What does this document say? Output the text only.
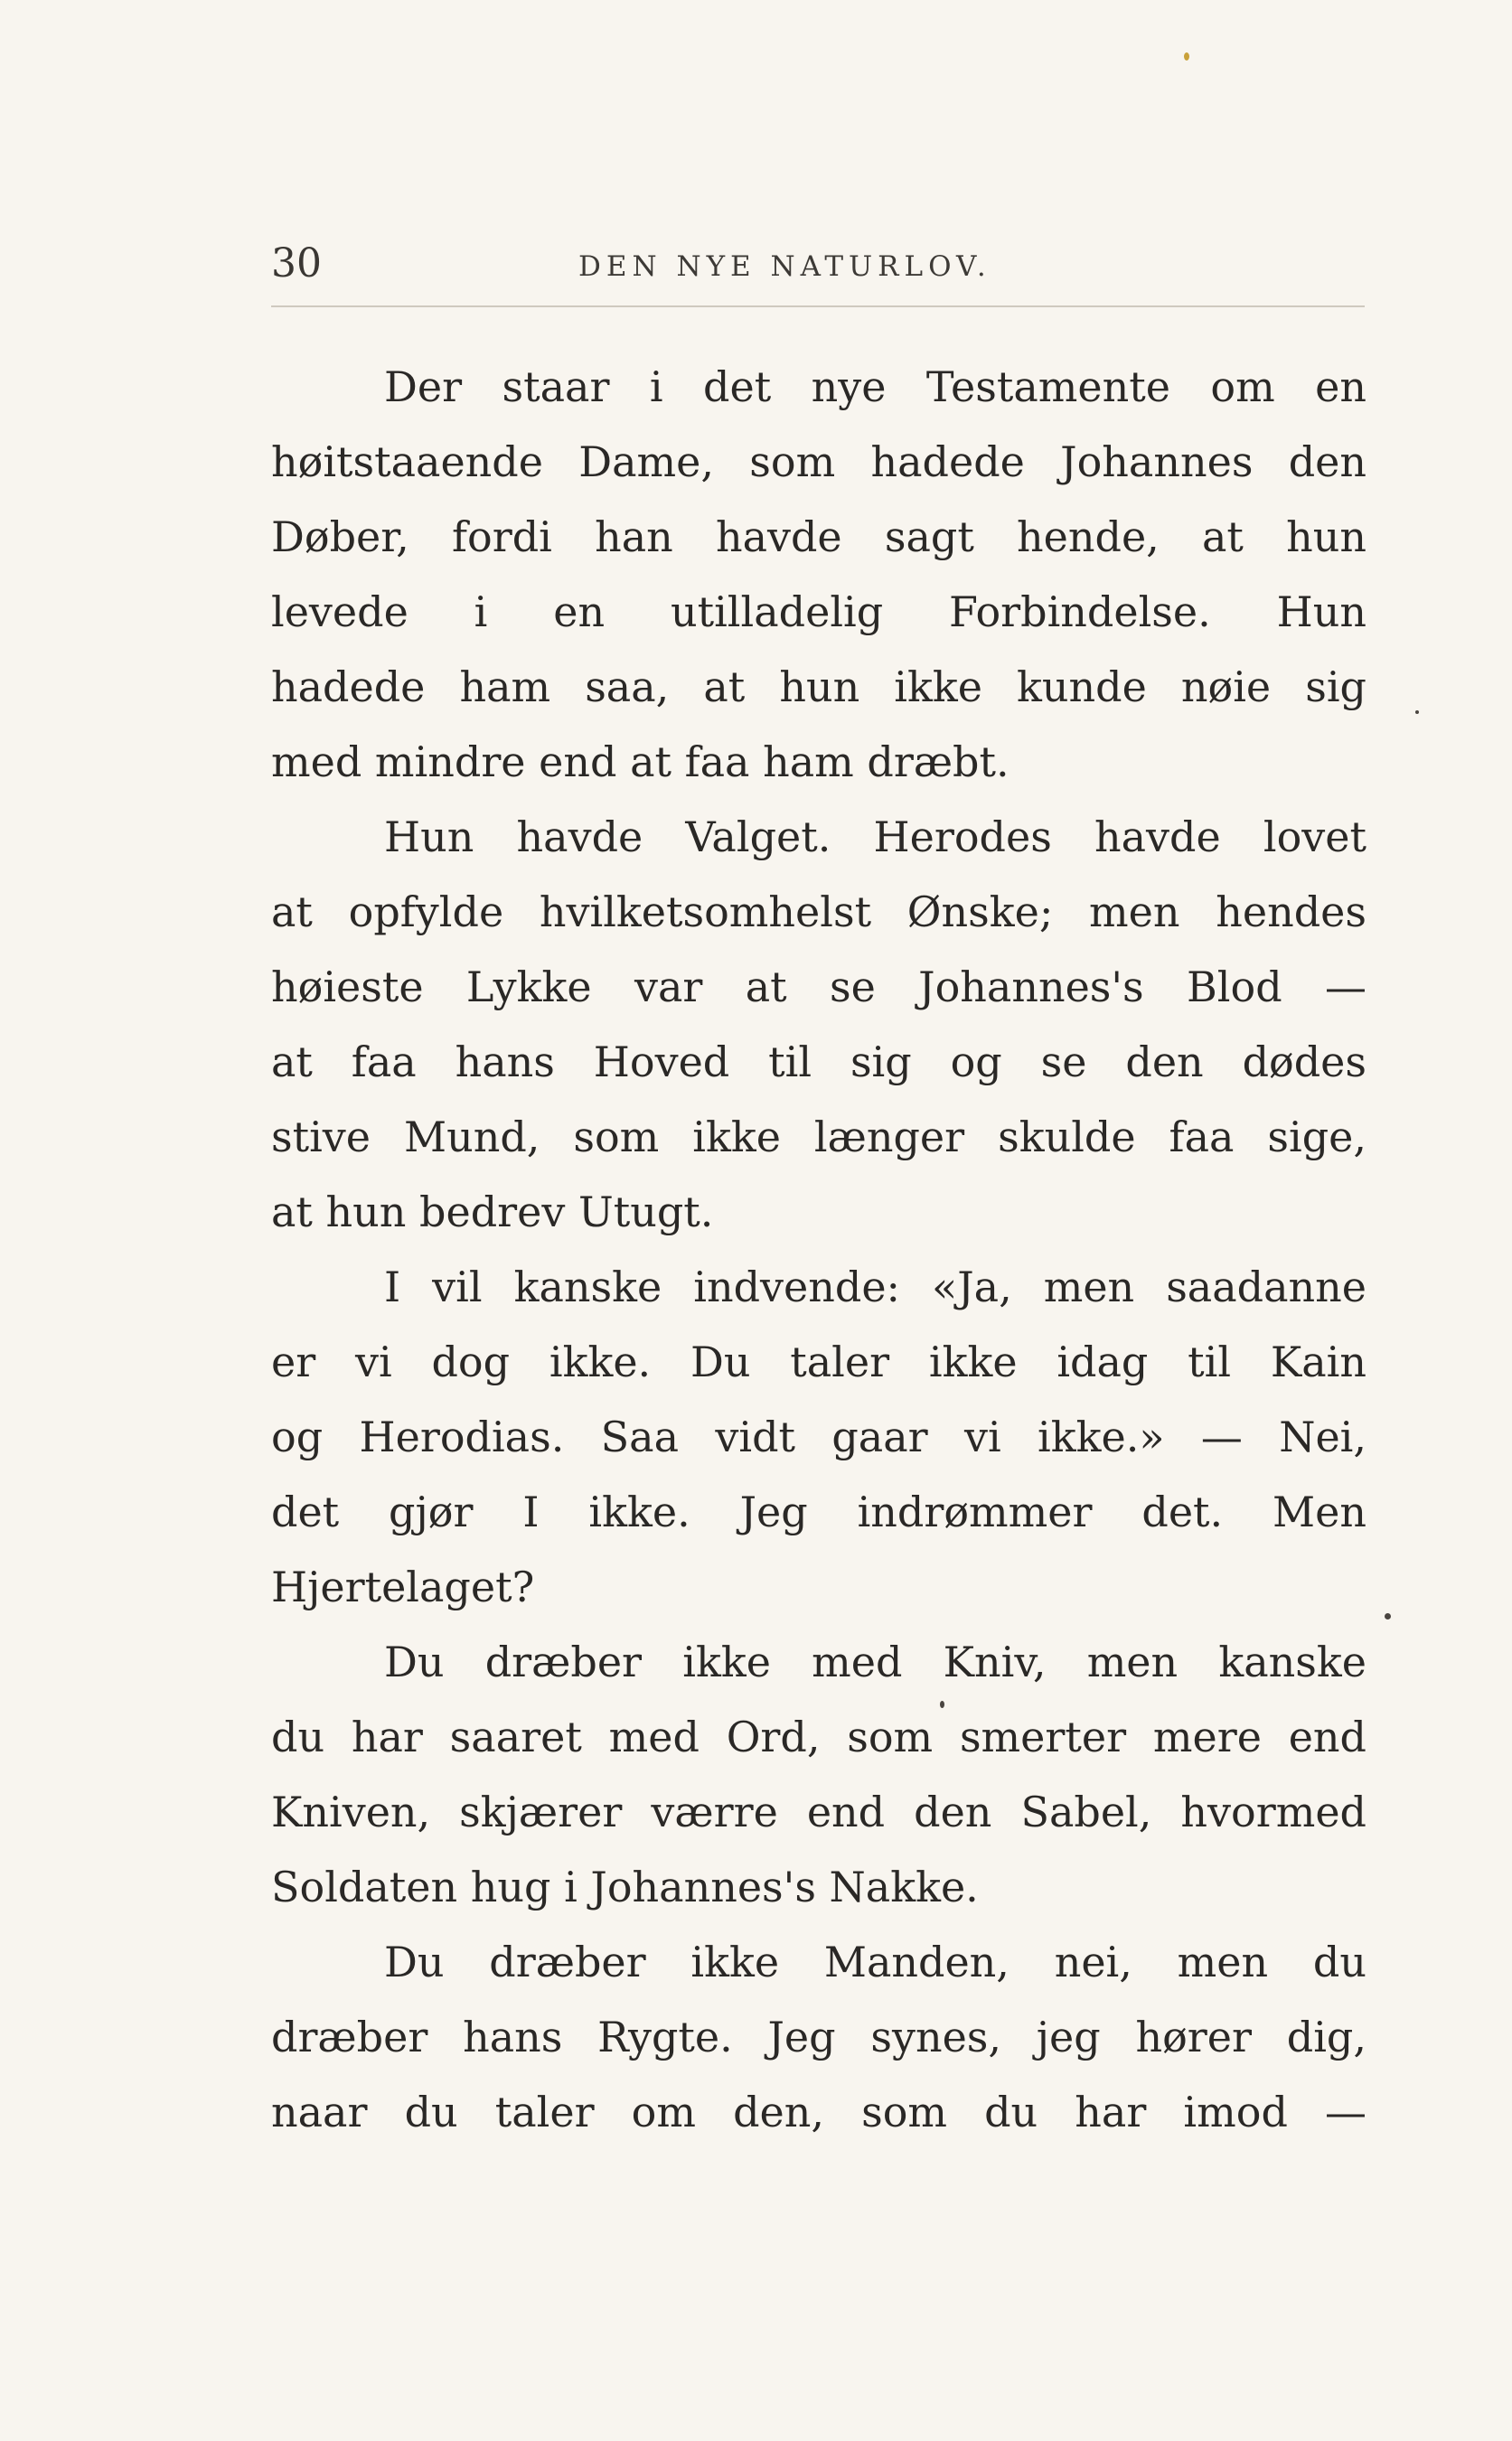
30	DEN NYE NATURLOV.
Der staar i det nye Testamente om en
høitstaaende Dame, som hadede Johannes den
Døber, fordi han havde sagt hende, at hun
levede i en utilladelig Forbindelse. Hun
hadede ham saa, at hun ikke kunde nøie sig
med mindre end at faa ham dræbt.
Hun havde Valget. Herodes havde lovet
at opfylde hvilketsomhelst Ønske; men hendes
høieste Lykke var at se Johannes's Blod —
at faa hans Hoved til sig og se den dødes
stive Mund, som ikke længer skulde faa sige,
at hun bedrev Utugt.
I vil kanske indvende: «Ja, men saadanne
er vi dog ikke. Du taler ikke idag til Kain
og Herodias. Saa vidt gaar vi ikke.» — Nei,
det gjør I ikke. Jeg indrømmer det. Men
Hjertelaget?
Du dræber ikke med Kniv, men kanske
du har saaret med Ord, som smerter mere end
Kniven, skjærer værre end den Sabel, hvormed
Soldaten hug i Johannes's Nakke.
Du dræber ikke Manden, nei, men du
dræber hans Rygte. Jeg synes, jeg hører dig,
naar du taler om den, som du har imod —
